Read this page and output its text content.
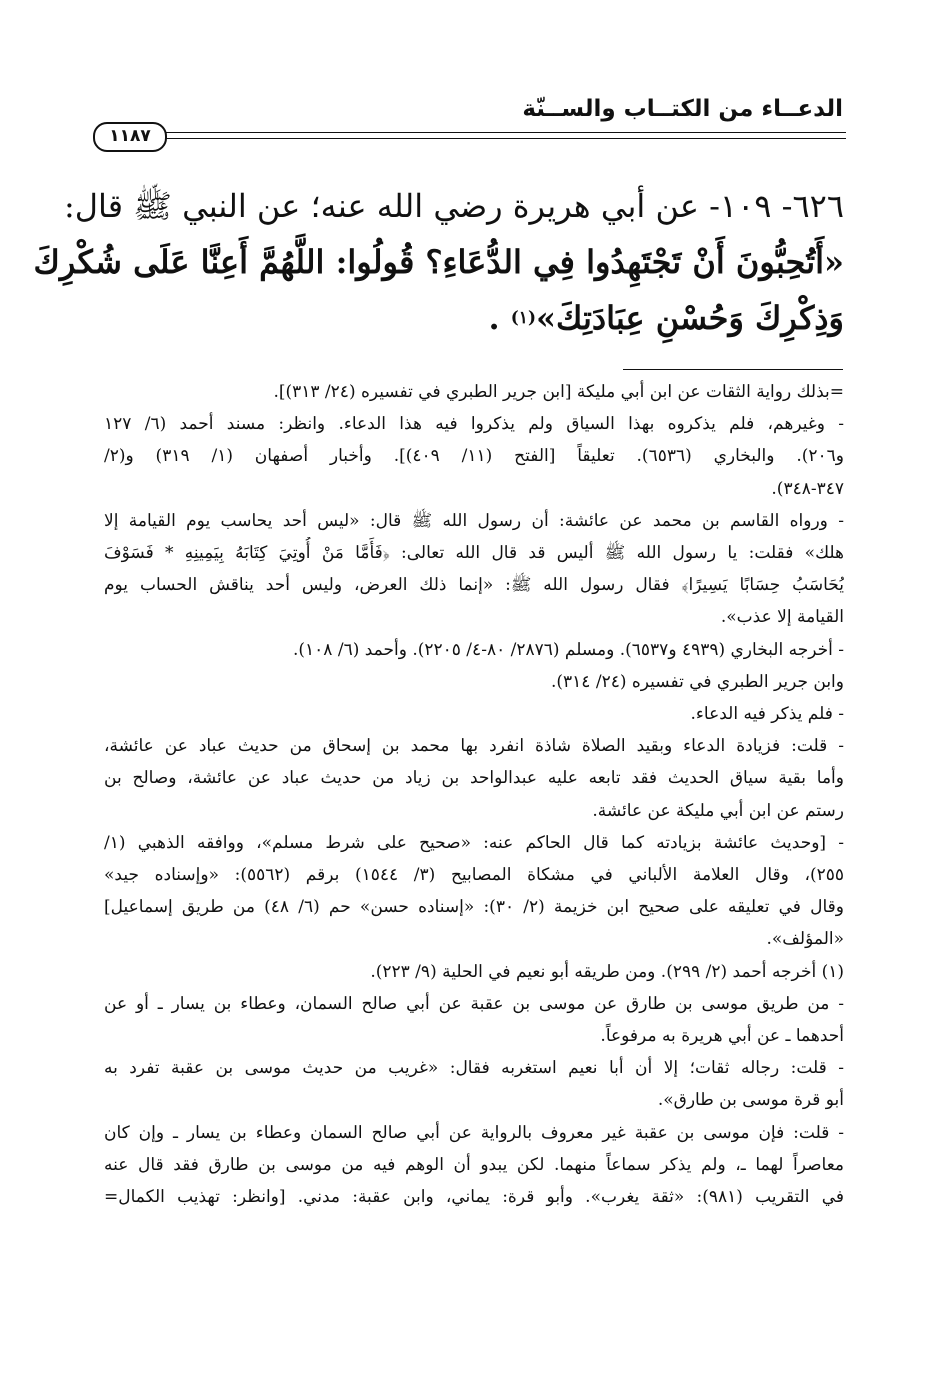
الدعــاء من الكتــاب والســنّة
١١٨٧
٦٢٦- ١٠٩- عن أبي هريرة رضي الله عنه؛ عن النبي ﷺ قال:
«أَتُحِبُّونَ أَنْ تَجْتَهِدُوا فِي الدُّعَاءِ؟ قُولُوا: اللَّهُمَّ أَعِنَّا عَلَى شُكْرِكَ
وَذِكْرِكَ وَحُسْنِ عِبَادَتِكَ»$^{(١)}$ .
=بذلك رواية الثقات عن ابن أبي مليكة [ابن جرير الطبري في تفسيره (٢٤/ ٣١٣)].
- وغيرهم، فلم يذكروه بهذا السياق ولم يذكروا فيه هذا الدعاء. وانظر: مسند أحمد (٦/ ١٢٧
و٢٠٦). والبخاري (٦٥٣٦). تعليقاً [الفتح (١١/ ٤٠٩)]. وأخبار أصفهان (١/ ٣١٩) و(٢/
٣٤٧-٣٤٨).
- ورواه القاسم بن محمد عن عائشة: أن رسول الله ﷺ قال: «ليس أحد يحاسب يوم القيامة إلا
هلك» فقلت: يا رسول الله ﷺ أليس قد قال الله تعالى: ﴿فَأَمَّا مَنْ أُوتِيَ كِتَابَهُ بِيَمِينِهِ * فَسَوْفَ
يُحَاسَبُ حِسَابًا يَسِيرًا﴾ فقال رسول الله ﷺ: «إنما ذلك العرض، وليس أحد يناقش الحساب يوم
القيامة إلا عذب».
- أخرجه البخاري (٤٩٣٩ و٦٥٣٧). ومسلم (٢٨٧٦/ ٨٠-٤/ ٢٢٠٥). وأحمد (٦/ ١٠٨).
وابن جرير الطبري في تفسيره (٢٤/ ٣١٤).
- فلم يذكر فيه الدعاء.
- قلت: فزيادة الدعاء وبقيد الصلاة شاذة انفرد بها محمد بن إسحاق من حديث عباد عن عائشة،
وأما بقية سياق الحديث فقد تابعه عليه عبدالواحد بن زياد من حديث عباد عن عائشة، وصالح بن
رستم عن ابن أبي مليكة عن عائشة.
- [وحديث عائشة بزيادته كما قال الحاكم عنه: «صحيح على شرط مسلم»، ووافقه الذهبي (١/
٢٥٥)، وقال العلامة الألباني في مشكاة المصابيح (٣/ ١٥٤٤) برقم (٥٥٦٢): «وإسناده جيد»
وقال في تعليقه على صحيح ابن خزيمة (٢/ ٣٠): «إسناده حسن» حم (٦/ ٤٨) من طريق إسماعيل]
«المؤلف».
(١) أخرجه أحمد (٢/ ٢٩٩). ومن طريقه أبو نعيم في الحلية (٩/ ٢٢٣).
- من طريق موسى بن طارق عن موسى بن عقبة عن أبي صالح السمان، وعطاء بن يسار ـ أو عن
أحدهما ـ عن أبي هريرة به مرفوعاً.
- قلت: رجاله ثقات؛ إلا أن أبا نعيم استغربه فقال: «غريب من حديث موسى بن عقبة تفرد به
أبو قرة موسى بن طارق».
- قلت: فإن موسى بن عقبة غير معروف بالرواية عن أبي صالح السمان وعطاء بن يسار ـ وإن كان
معاصراً لهما ـ، ولم يذكر سماعاً منهما. لكن يبدو أن الوهم فيه من موسى بن طارق فقد قال عنه
في التقريب (٩٨١): «ثقة يغرب». وأبو قرة: يماني، وابن عقبة: مدني. [وانظر: تهذيب الكمال=
